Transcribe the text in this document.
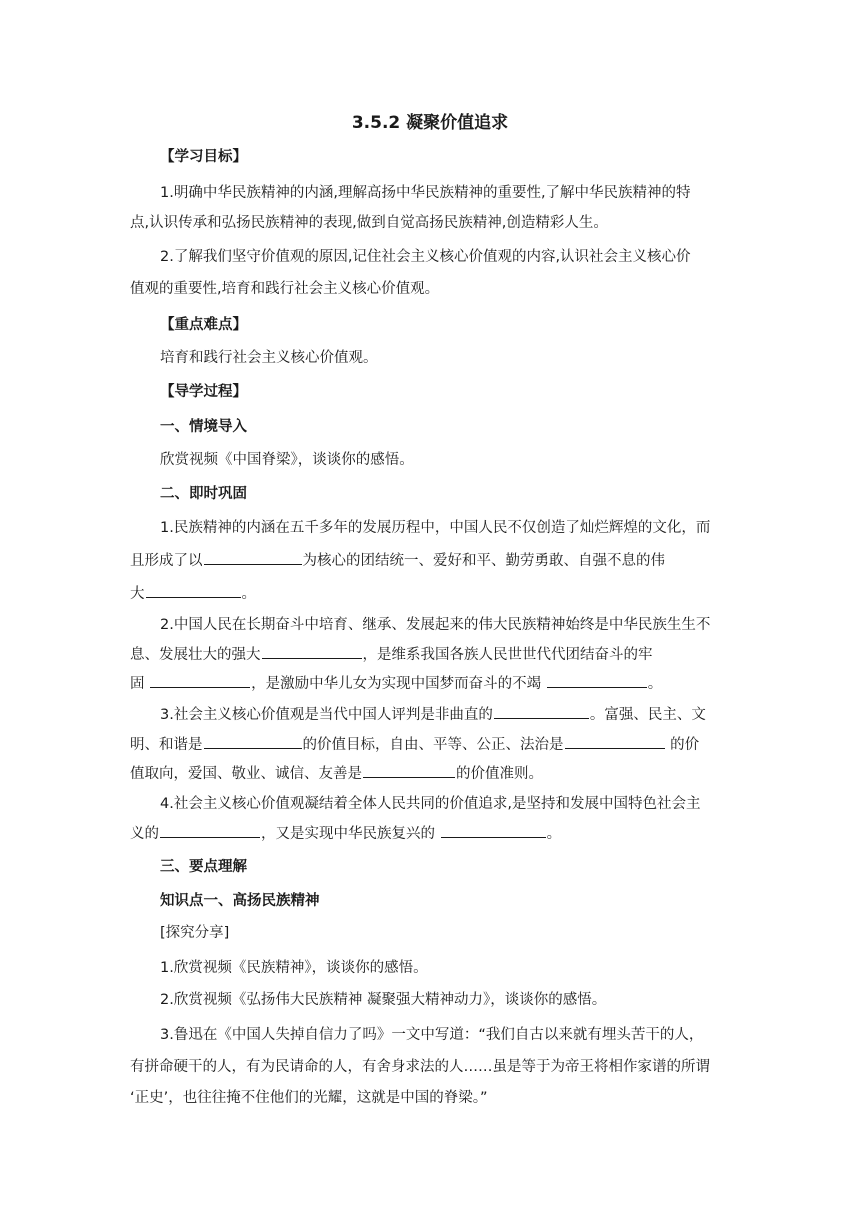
3.5.2 凝聚价值追求
【学习目标】
1.明确中华民族精神的内涵,理解高扬中华民族精神的重要性,了解中华民族精神的特
点,认识传承和弘扬民族精神的表现,做到自觉高扬民族精神,创造精彩人生。
2.了解我们坚守价值观的原因,记住社会主义核心价值观的内容,认识社会主义核心价
值观的重要性,培育和践行社会主义核心价值观。
【重点难点】
培育和践行社会主义核心价值观。
【导学过程】
一、情境导入
欣赏视频《中国脊梁》，谈谈你的感悟。
二、即时巩固
1.民族精神的内涵在五千多年的发展历程中，中国人民不仅创造了灿烂辉煌的文化，而
且形成了以	为核心的团结统一、爱好和平、勤劳勇敢、自强不息的伟
大	。
2.中国人民在长期奋斗中培育、继承、发展起来的伟大民族精神始终是中华民族生生不
息、发展壮大的强大	，是维系我国各族人民世世代代团结奋斗的牢
固	，是激励中华儿女为实现中国梦而奋斗的不竭	。
3.社会主义核心价值观是当代中国人评判是非曲直的	。富强、民主、文
明、和谐是	的价值目标，自由、平等、公正、法治是	的价
值取向，爱国、敬业、诚信、友善是	的价值准则。
4.社会主义核心价值观凝结着全体人民共同的价值追求,是坚持和发展中国特色社会主
义的	，又是实现中华民族复兴的	。
三、要点理解
知识点一、高扬民族精神
[探究分享]
1.欣赏视频《民族精神》，谈谈你的感悟。
2.欣赏视频《弘扬伟大民族精神 凝聚强大精神动力》，谈谈你的感悟。
3.鲁迅在《中国人失掉自信力了吗》一文中写道：“我们自古以来就有埋头苦干的人，
有拼命硬干的人，有为民请命的人，有舍身求法的人……虽是等于为帝王将相作家谱的所谓
‘正史’，也往往掩不住他们的光耀，这就是中国的脊梁。”
